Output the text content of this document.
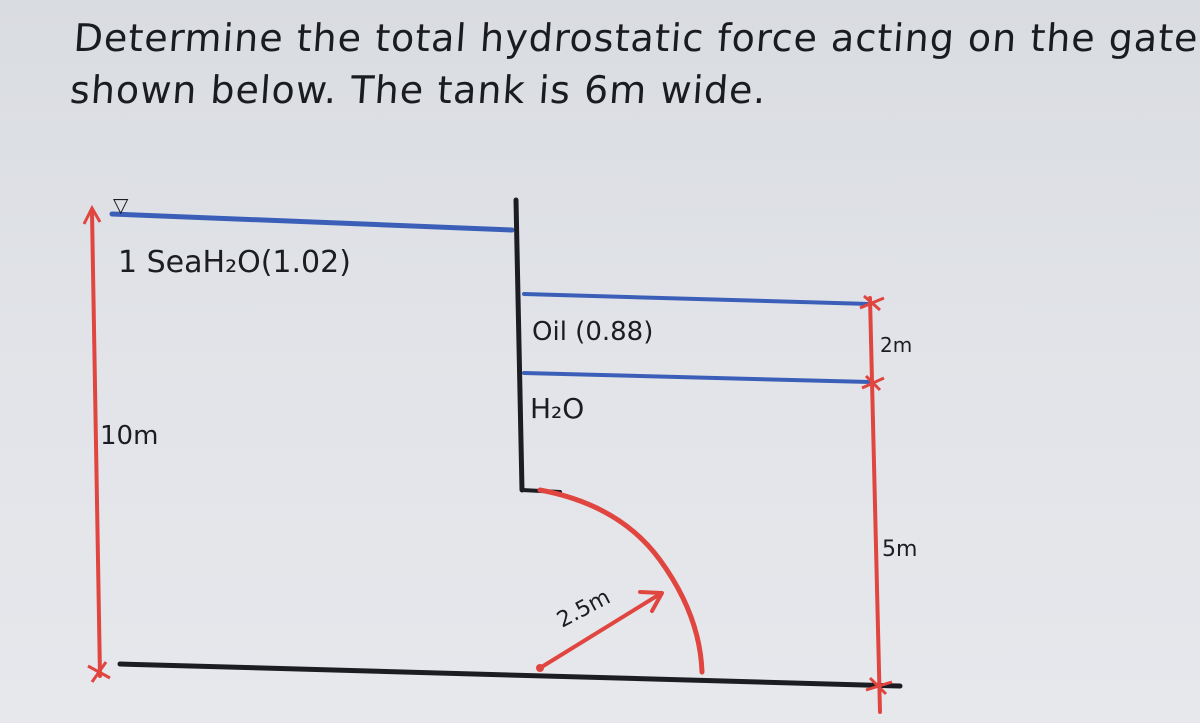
Determine the total hydrostatic force acting on the gate
shown below. The tank is 6m wide.
▽
1 SeaH₂O(1.02)
Oil (0.88)
H₂O
2.5m
10m
2m
5m
